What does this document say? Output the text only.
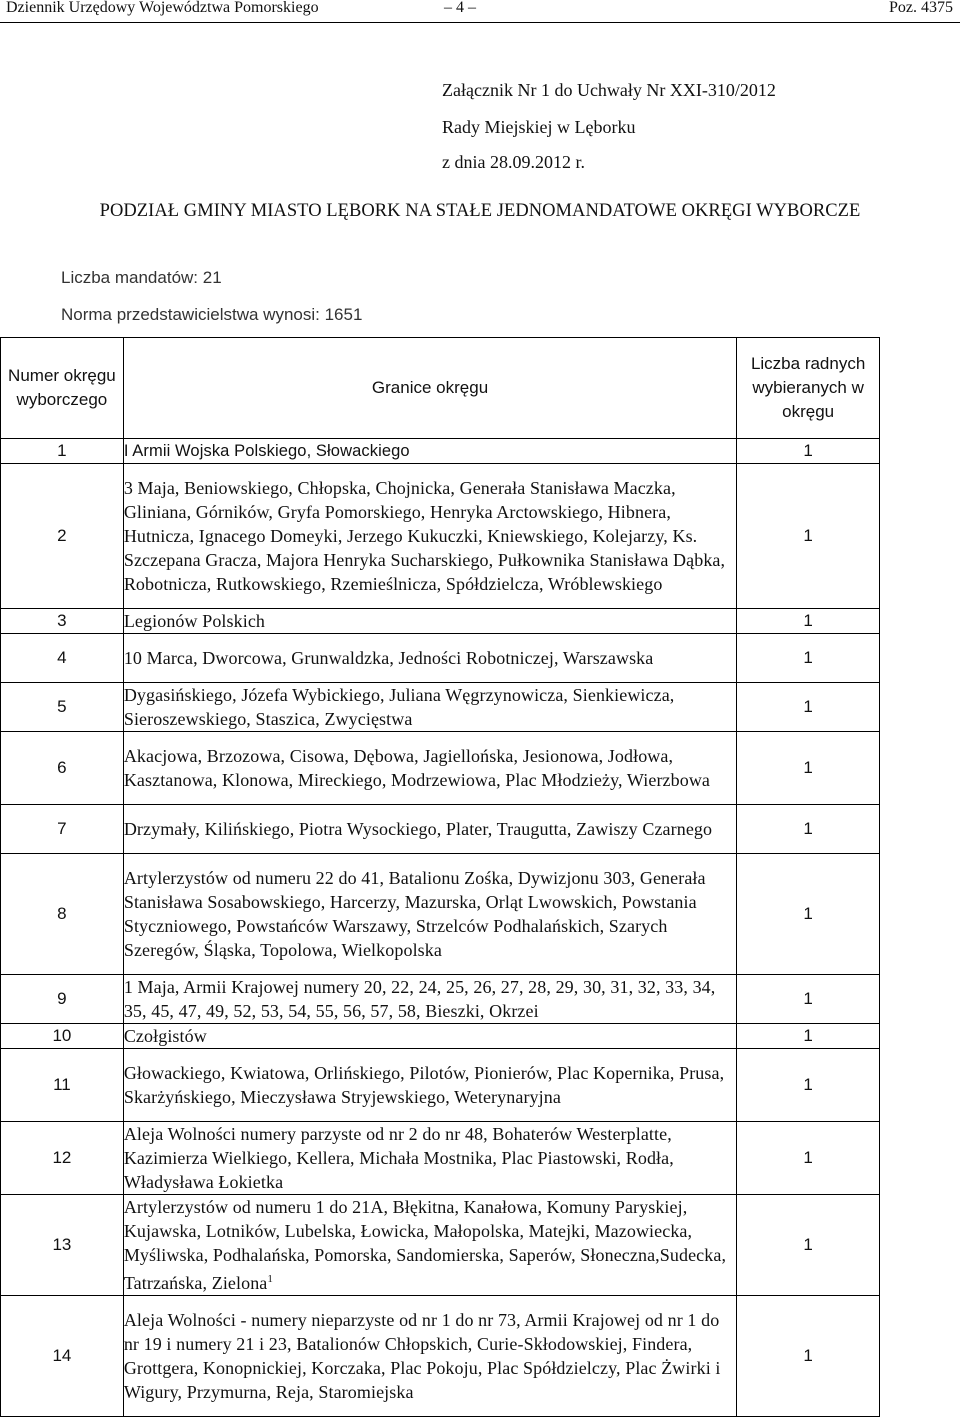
Dziennik Urzędowy Województwa Pomorskiego	– 4 –	Poz. 4375
Załącznik Nr 1 do Uchwały Nr XXI-310/2012
Rady Miejskiej w Lęborku
z dnia 28.09.2012 r.
PODZIAŁ GMINY MIASTO LĘBORK NA STAŁE JEDNOMANDATOWE OKRĘGI WYBORCZE
Liczba mandatów: 21
Norma przedstawicielstwa wynosi: 1651
Numer okręgu wyborczego	Granice okręgu	Liczba radnych wybieranych w okręgu
1	I Armii Wojska Polskiego, Słowackiego	1
2	3 Maja, Beniowskiego, Chłopska, Chojnicka, Generała Stanisława Maczka, Gliniana, Górników, Gryfa Pomorskiego, Henryka Arctowskiego, Hibnera, Hutnicza, Ignacego Domeyki, Jerzego Kukuczki, Kniewskiego, Kolejarzy, Ks. Szczepana Gracza, Majora Henryka Sucharskiego, Pułkownika Stanisława Dąbka, Robotnicza, Rutkowskiego, Rzemieślnicza, Spółdzielcza, Wróblewskiego	1
3	Legionów Polskich	1
4	10 Marca, Dworcowa, Grunwaldzka, Jedności Robotniczej, Warszawska	1
5	Dygasińskiego, Józefa Wybickiego, Juliana Węgrzynowicza, Sienkiewicza, Sieroszewskiego, Staszica, Zwycięstwa	1
6	Akacjowa, Brzozowa, Cisowa, Dębowa, Jagiellońska, Jesionowa, Jodłowa, Kasztanowa, Klonowa, Mireckiego, Modrzewiowa, Plac Młodzieży, Wierzbowa	1
7	Drzymały, Kilińskiego, Piotra Wysockiego, Plater, Traugutta, Zawiszy Czarnego	1
8	Artylerzystów od numeru 22 do 41, Batalionu Zośka, Dywizjonu 303, Generała Stanisława Sosabowskiego, Harcerzy, Mazurska, Orląt Lwowskich, Powstania Styczniowego, Powstańców Warszawy, Strzelców Podhalańskich, Szarych Szeregów, Śląska, Topolowa, Wielkopolska	1
9	1 Maja, Armii Krajowej numery 20, 22, 24, 25, 26, 27, 28, 29, 30, 31, 32, 33, 34, 35, 45, 47, 49, 52, 53, 54, 55, 56, 57, 58, Bieszki, Okrzei	1
10	Czołgistów	1
11	Głowackiego, Kwiatowa, Orlińskiego, Pilotów, Pionierów, Plac Kopernika, Prusa, Skarżyńskiego, Mieczysława Stryjewskiego, Weterynaryjna	1
12	Aleja Wolności numery parzyste od nr 2 do nr 48, Bohaterów Westerplatte, Kazimierza Wielkiego, Kellera, Michała Mostnika, Plac Piastowski, Rodła, Władysława Łokietka	1
13	Artylerzystów od numeru 1 do 21A, Błękitna, Kanałowa, Komuny Paryskiej, Kujawska, Lotników, Lubelska, Łowicka, Małopolska, Matejki, Mazowiecka, Myśliwska, Podhalańska, Pomorska, Sandomierska, Saperów, Słoneczna,Sudecka, Tatrzańska, Zielona$^1$	1
14	Aleja Wolności - numery nieparzyste od nr 1 do nr 73, Armii Krajowej od nr 1 do nr 19 i numery 21 i 23, Batalionów Chłopskich, Curie-Skłodowskiej, Findera, Grottgera, Konopnickiej, Korczaka, Plac Pokoju, Plac Spółdzielczy, Plac Żwirki i Wigury, Przymurna, Reja, Staromiejska	1
